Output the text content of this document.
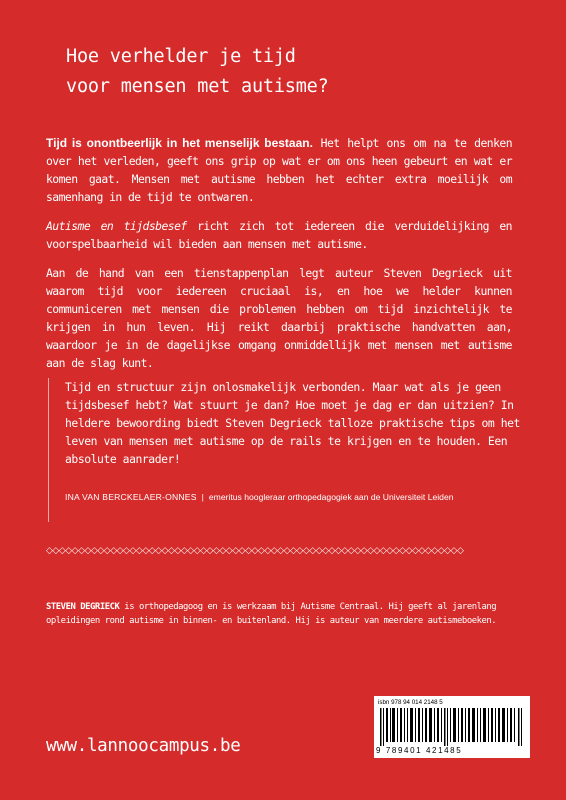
Hoe verhelder je tijd
voor mensen met autisme?

Tijd is onontbeerlijk in het menselijk bestaan. Het helpt ons om na te denken over het verleden, geeft ons grip op wat er om ons heen gebeurt en wat er komen gaat. Mensen met autisme hebben het echter extra moeilijk om samenhang in de tijd te ontwaren.

Autisme en tijdsbesef richt zich tot iedereen die verduidelijking en voorspelbaarheid wil bieden aan mensen met autisme.

Aan de hand van een tienstappenplan legt auteur Steven Degrieck uit waarom tijd voor iedereen cruciaal is, en hoe we helder kunnen communiceren met mensen die problemen hebben om tijd inzichtelijk te krijgen in hun leven. Hij reikt daarbij praktische handvatten aan, waardoor je in de dagelijkse omgang onmiddellijk met mensen met autisme aan de slag kunt.

Tijd en structuur zijn onlosmakelijk verbonden. Maar wat als je geen tijdsbesef hebt? Wat stuurt je dan? Hoe moet je dag er dan uitzien? In heldere bewoording biedt Steven Degrieck talloze praktische tips om het leven van mensen met autisme op de rails te krijgen en te houden. Een absolute aanrader!

INA VAN BERCKELAER-ONNES | emeritus hoogleraar orthopedagogiek aan de Universiteit Leiden
◇◇◇◇◇◇◇◇◇◇◇◇◇◇◇◇◇◇◇◇◇◇◇◇◇◇◇◇◇◇◇◇◇◇◇◇◇◇◇◇◇◇◇◇◇◇◇◇◇◇◇◇◇◇◇◇◇◇◇◇◇◇◇◇◇

STEVEN DEGRIECK is orthopedagoog en is werkzaam bij Autisme Centraal. Hij geeft al jarenlang opleidingen rond autisme in binnen- en buitenland. Hij is auteur van meerdere autismeboeken.

www.lannoocampus.be
isbn 978 94 014 2148 5
9 789401 421485
